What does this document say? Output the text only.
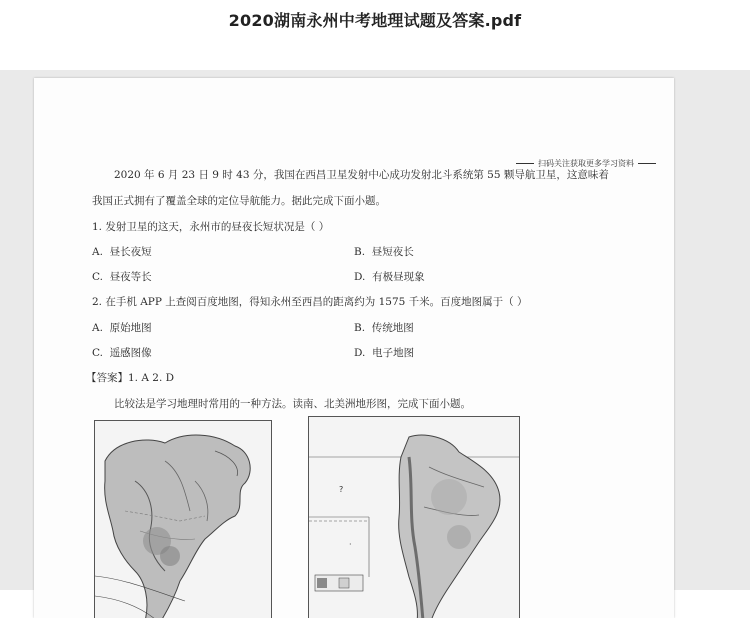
2020湖南永州中考地理试题及答案.pdf
扫码关注获取更多学习资料
2020 年 6 月 23 日 9 时 43 分，我国在西昌卫星发射中心成功发射北斗系统第 55 颗导航卫星，这意味着
我国正式拥有了覆盖全球的定位导航能力。据此完成下面小题。
1. 发射卫星的这天，永州市的昼夜长短状况是（ ）
A. 昼长夜短	B. 昼短夜长
C. 昼夜等长	D. 有极昼现象
2. 在手机 APP 上查阅百度地图，得知永州至西昌的距离约为 1575 千米。百度地图属于（ ）
A. 原始地图	B. 传统地图
C. 遥感图像	D. 电子地图
【答案】1. A 2. D
比较法是学习地理时常用的一种方法。读南、北美洲地形图，完成下面小题。
?
·
